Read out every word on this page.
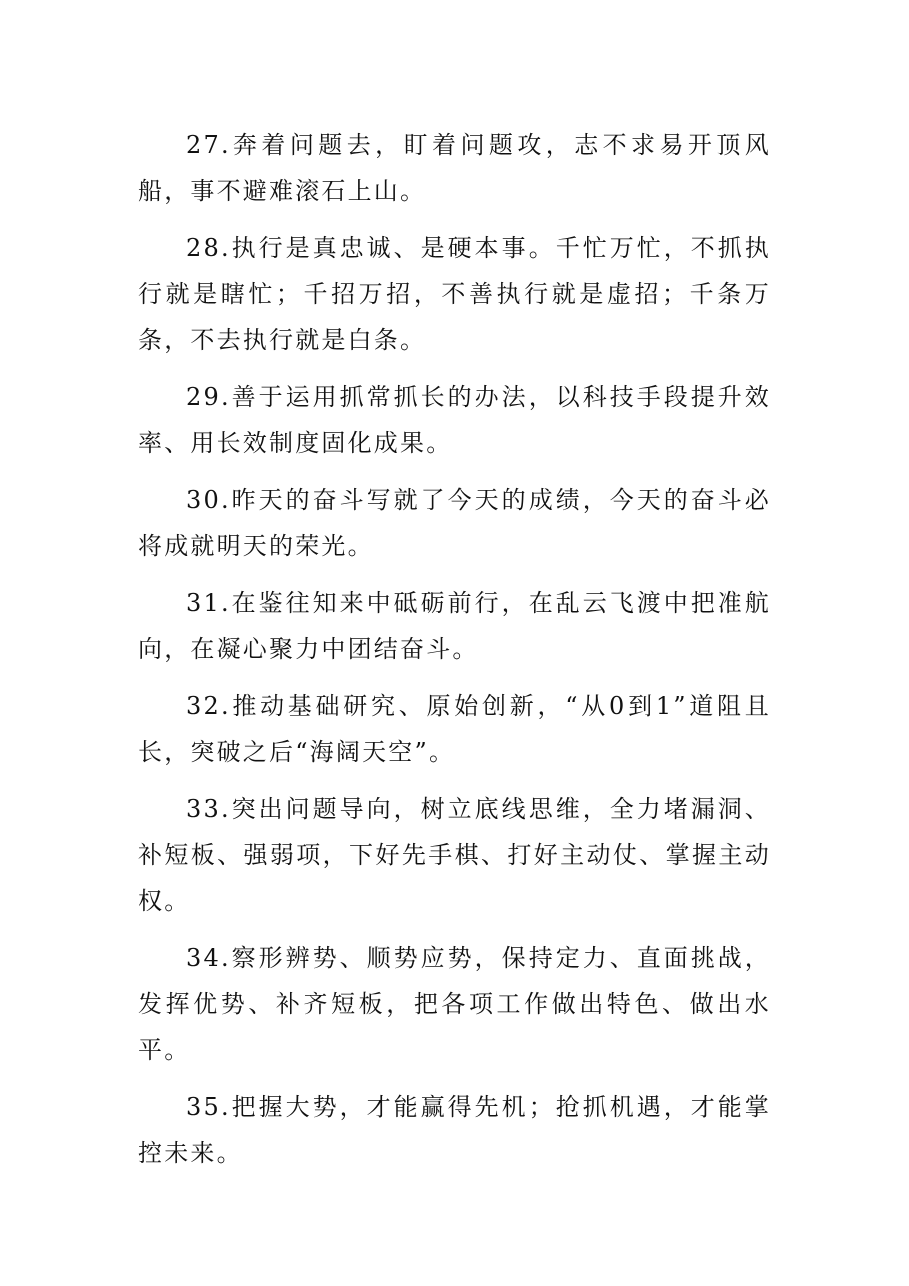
27.奔着问题去，盯着问题攻，志不求易开顶风船，事不避难滚石上山。

28.执行是真忠诚、是硬本事。千忙万忙，不抓执行就是瞎忙；千招万招，不善执行就是虚招；千条万条，不去执行就是白条。

29.善于运用抓常抓长的办法，以科技手段提升效率、用长效制度固化成果。

30.昨天的奋斗写就了今天的成绩，今天的奋斗必将成就明天的荣光。

31.在鉴往知来中砥砺前行，在乱云飞渡中把准航向，在凝心聚力中团结奋斗。

32.推动基础研究、原始创新，“从0到1”道阻且长，突破之后“海阔天空”。

33.突出问题导向，树立底线思维，全力堵漏洞、补短板、强弱项，下好先手棋、打好主动仗、掌握主动权。

34.察形辨势、顺势应势，保持定力、直面挑战，发挥优势、补齐短板，把各项工作做出特色、做出水平。

35.把握大势，才能赢得先机；抢抓机遇，才能掌控未来。
